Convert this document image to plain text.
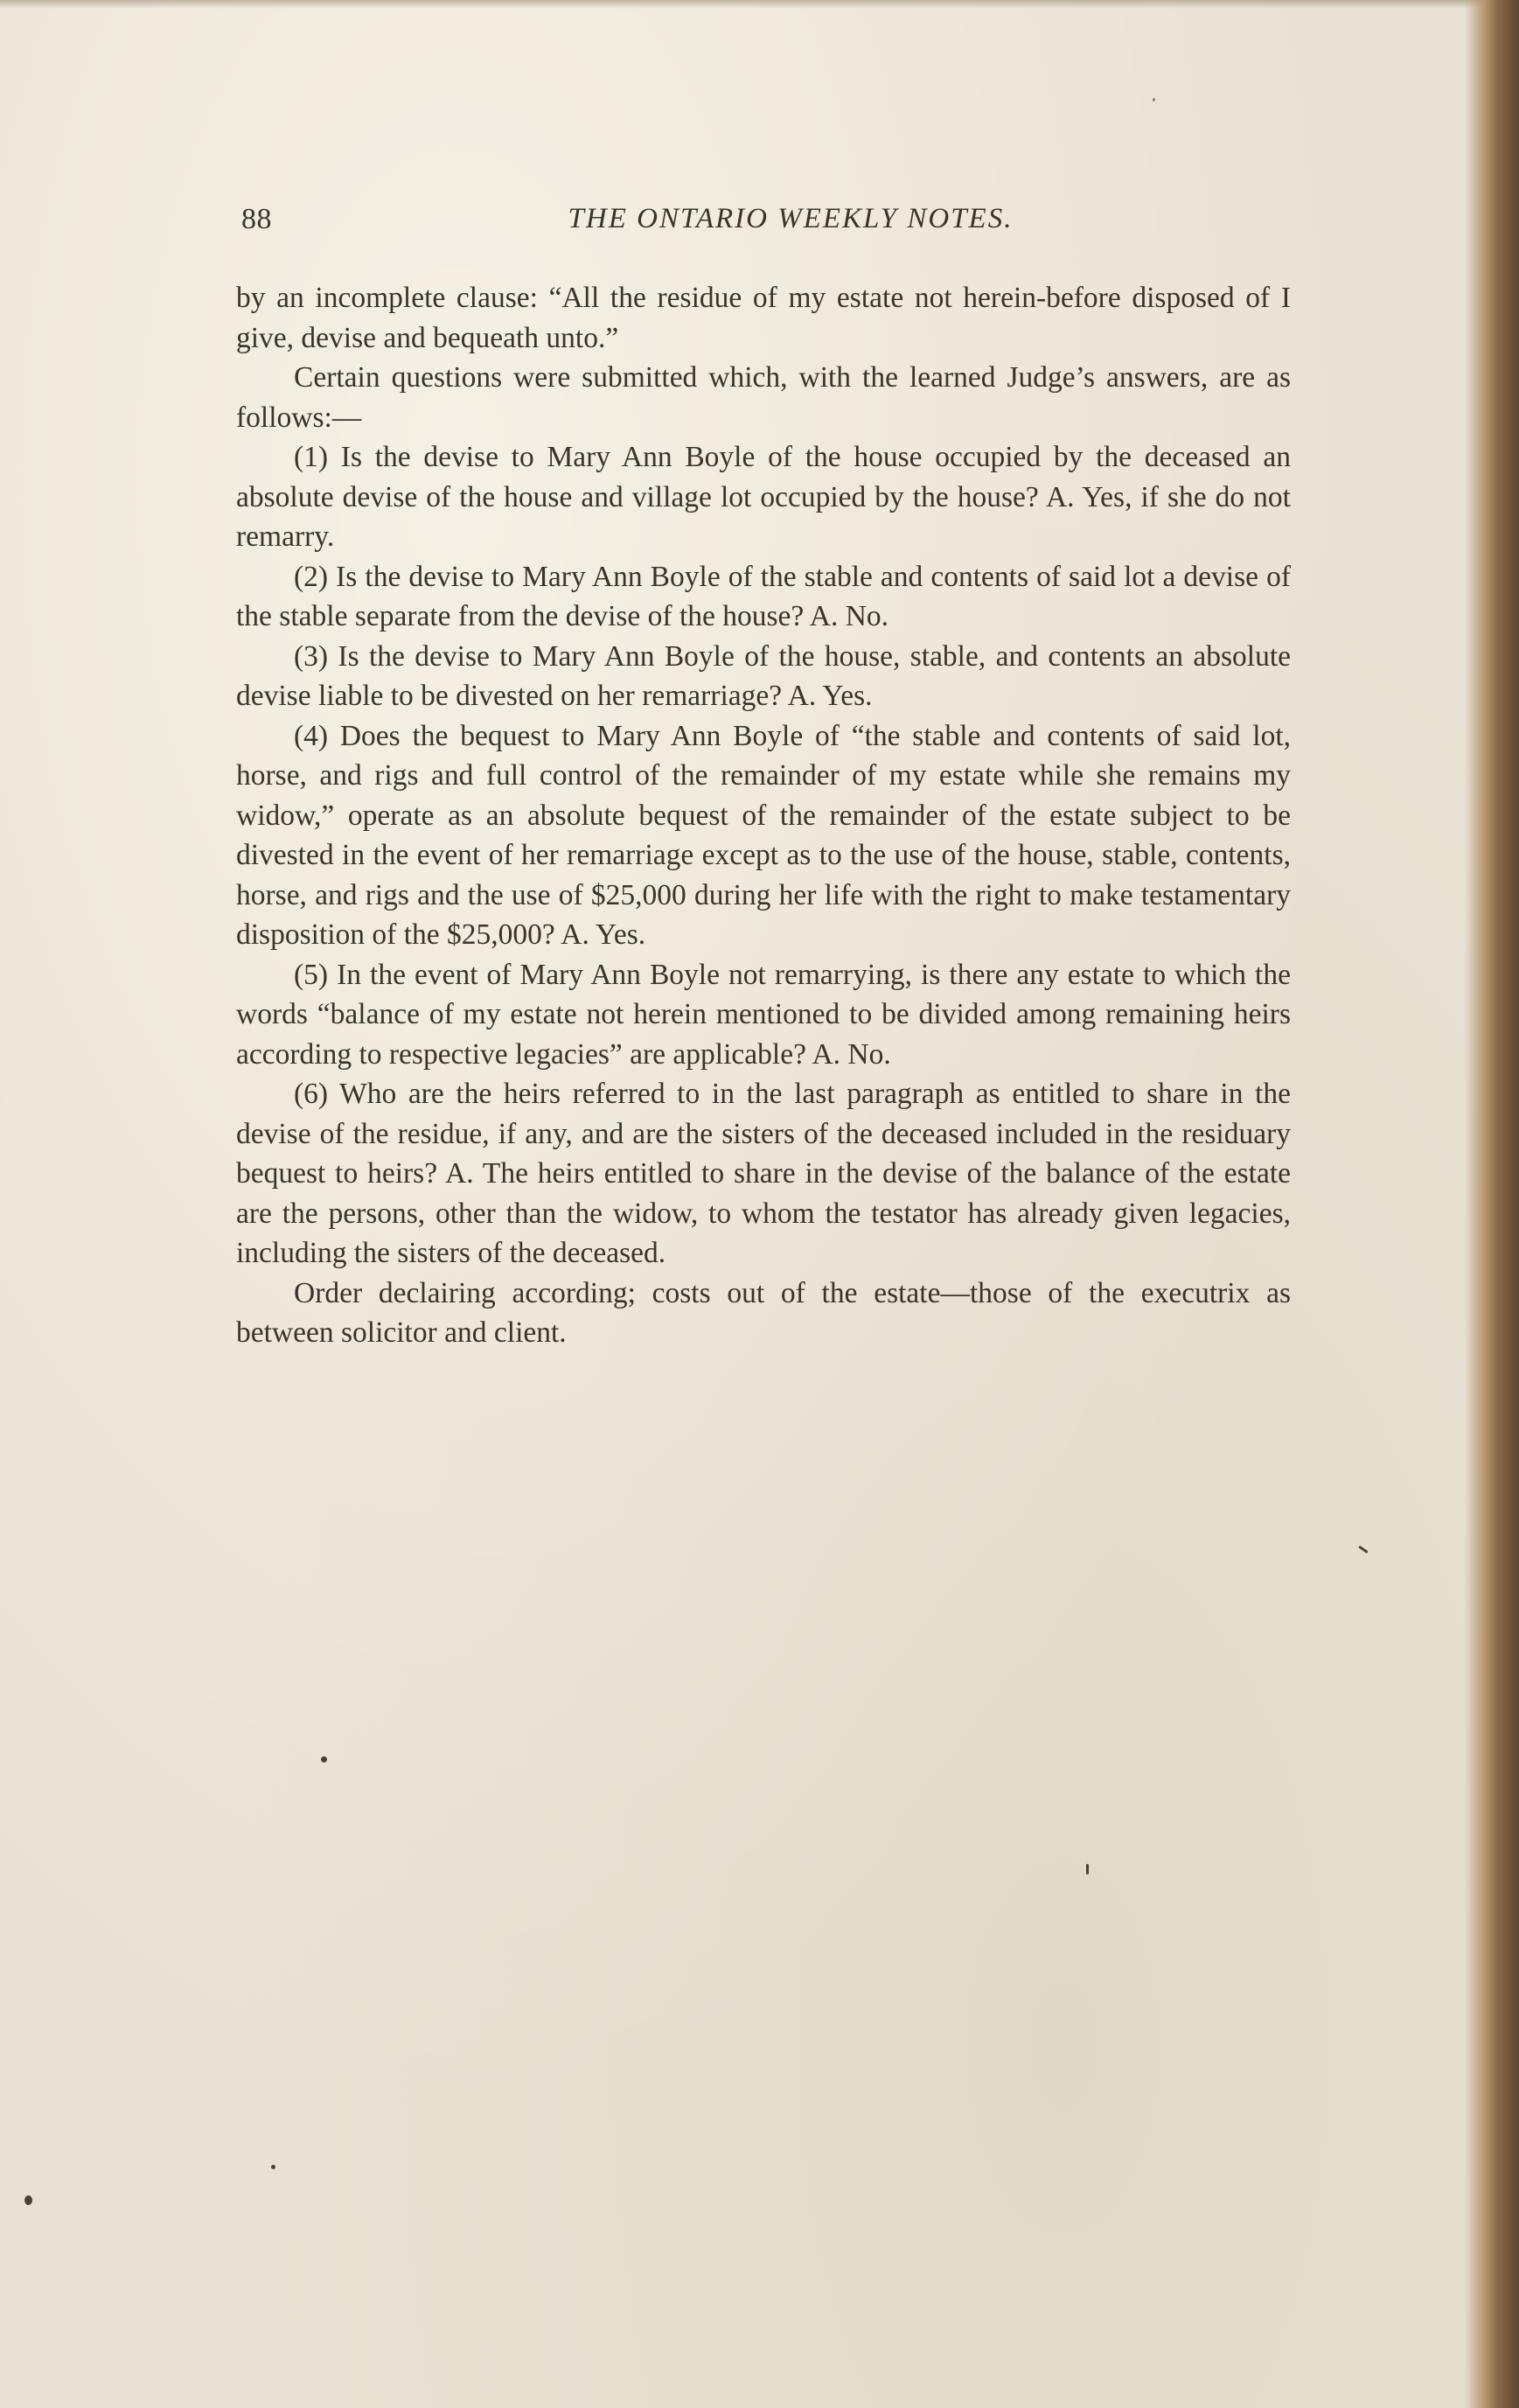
88	THE ONTARIO WEEKLY NOTES.

by an incomplete clause: “All the residue of my estate not herein-before disposed of I give, devise and bequeath unto.”

Certain questions were submitted which, with the learned Judge’s answers, are as follows:—

(1) Is the devise to Mary Ann Boyle of the house occupied by the deceased an absolute devise of the house and village lot occupied by the house? A. Yes, if she do not remarry.

(2) Is the devise to Mary Ann Boyle of the stable and contents of said lot a devise of the stable separate from the devise of the house? A. No.

(3) Is the devise to Mary Ann Boyle of the house, stable, and contents an absolute devise liable to be divested on her remarriage? A. Yes.

(4) Does the bequest to Mary Ann Boyle of “the stable and contents of said lot, horse, and rigs and full control of the remainder of my estate while she remains my widow,” operate as an absolute bequest of the remainder of the estate subject to be divested in the event of her remarriage except as to the use of the house, stable, contents, horse, and rigs and the use of $25,000 during her life with the right to make testamentary disposition of the $25,000? A. Yes.

(5) In the event of Mary Ann Boyle not remarrying, is there any estate to which the words “balance of my estate not herein mentioned to be divided among remaining heirs according to respective legacies” are applicable? A. No.

(6) Who are the heirs referred to in the last paragraph as entitled to share in the devise of the residue, if any, and are the sisters of the deceased included in the residuary bequest to heirs? A. The heirs entitled to share in the devise of the balance of the estate are the persons, other than the widow, to whom the testator has already given legacies, including the sisters of the deceased.

Order declairing according; costs out of the estate—those of the executrix as between solicitor and client.
